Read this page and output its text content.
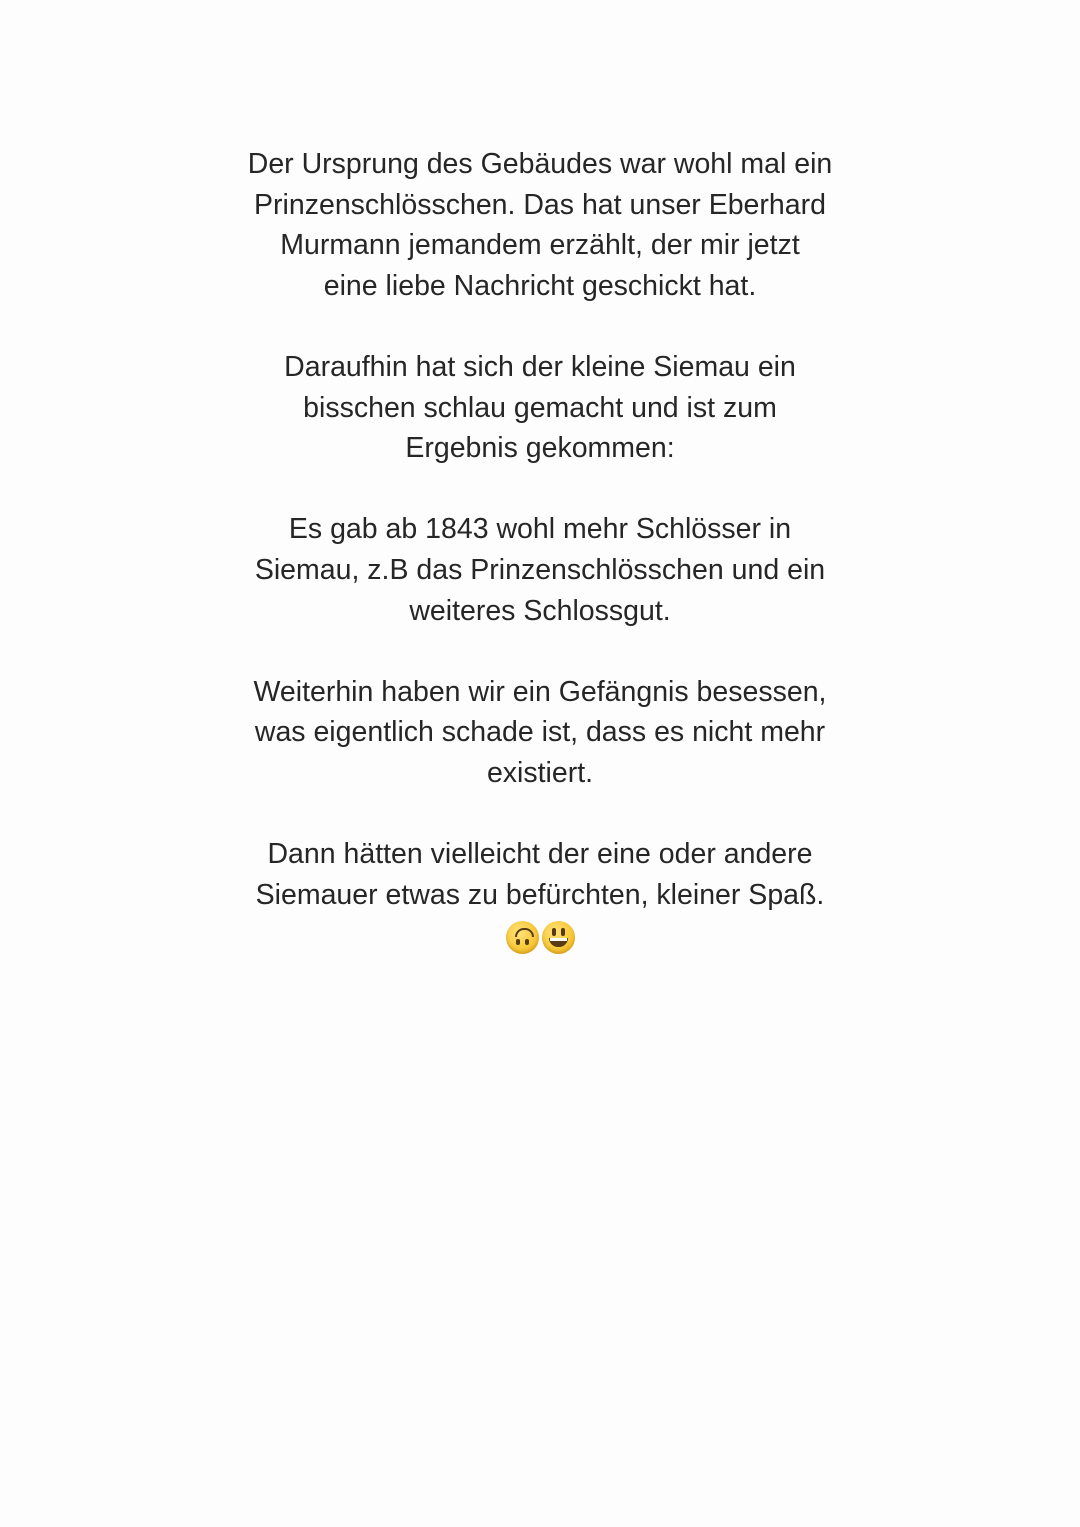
Der Ursprung des Gebäudes war wohl mal ein
Prinzenschlösschen. Das hat unser Eberhard
Murmann jemandem erzählt, der mir jetzt
eine liebe Nachricht geschickt hat.
Daraufhin hat sich der kleine Siemau ein
bisschen schlau gemacht und ist zum
Ergebnis gekommen:
Es gab ab 1843 wohl mehr Schlösser in
Siemau, z.B das Prinzenschlösschen und ein
weiteres Schlossgut.
Weiterhin haben wir ein Gefängnis besessen,
was eigentlich schade ist, dass es nicht mehr
existiert.
Dann hätten vielleicht der eine oder andere
Siemauer etwas zu befürchten, kleiner Spaß.
